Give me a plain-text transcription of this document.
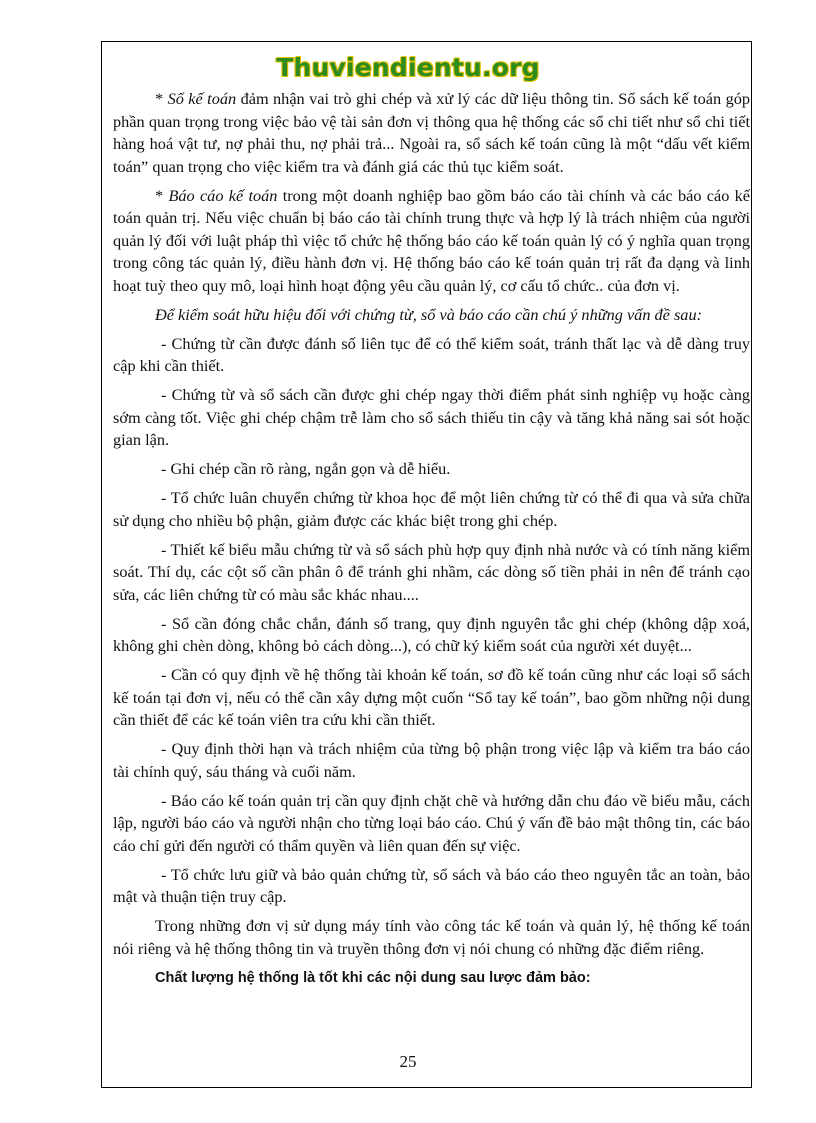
Thuviendientu.org

* Sổ kế toán đảm nhận vai trò ghi chép và xử lý các dữ liệu thông tin. Sổ sách kế toán góp phần quan trọng trong việc bảo vệ tài sản đơn vị thông qua hệ thống các sổ chi tiết như sổ chi tiết hàng hoá vật tư, nợ phải thu, nợ phải trả... Ngoài ra, sổ sách kế toán cũng là một “dấu vết kiểm toán” quan trọng cho việc kiểm tra và đánh giá các thủ tục kiểm soát.

* Báo cáo kế toán trong một doanh nghiệp bao gồm báo cáo tài chính và các báo cáo kế toán quản trị. Nếu việc chuẩn bị báo cáo tài chính trung thực và hợp lý là trách nhiệm của người quản lý đối với luật pháp thì việc tổ chức hệ thống báo cáo kế toán quản lý có ý nghĩa quan trọng trong công tác quản lý, điều hành đơn vị. Hệ thống báo cáo kế toán quản trị rất đa dạng và linh hoạt tuỳ theo quy mô, loại hình hoạt động yêu cầu quản lý, cơ cấu tổ chức.. của đơn vị.

Để kiểm soát hữu hiệu đối với chứng từ, sổ và báo cáo cần chú ý những vấn đề sau:

- Chứng từ cần được đánh số liên tục để có thể kiểm soát, tránh thất lạc và dễ dàng truy cập khi cần thiết.

- Chứng từ và sổ sách cần được ghi chép ngay thời điểm phát sinh nghiệp vụ hoặc càng sớm càng tốt. Việc ghi chép chậm trễ làm cho sổ sách thiếu tin cậy và tăng khả năng sai sót hoặc gian lận.

- Ghi chép cần rõ ràng, ngắn gọn và dễ hiểu.

- Tổ chức luân chuyển chứng từ khoa học để một liên chứng từ có thể đi qua và sửa chữa sử dụng cho nhiều bộ phận, giảm được các khác biệt trong ghi chép.

- Thiết kế biểu mẫu chứng từ và sổ sách phù hợp quy định nhà nước và có tính năng kiểm soát. Thí dụ, các cột số cần phân ô để tránh ghi nhầm, các dòng số tiền phải in nên để tránh cạo sửa, các liên chứng từ có màu sắc khác nhau....

- Sổ cần đóng chắc chắn, đánh số trang, quy định nguyên tắc ghi chép (không dập xoá, không ghi chèn dòng, không bỏ cách dòng...), có chữ ký kiểm soát của người xét duyệt...

- Cần có quy định về hệ thống tài khoản kế toán, sơ đồ kế toán cũng như các loại sổ sách kế toán tại đơn vị, nếu có thể cần xây dựng một cuốn “Sổ tay kế toán”, bao gồm những nội dung cần thiết để các kế toán viên tra cứu khi cần thiết.

- Quy định thời hạn và trách nhiệm của từng bộ phận trong việc lập và kiểm tra báo cáo tài chính quý, sáu tháng và cuối năm.

- Báo cáo kế toán quản trị cần quy định chặt chẽ và hướng dẫn chu đáo về biểu mẫu, cách lập, người báo cáo và người nhận cho từng loại báo cáo. Chú ý vấn đề bảo mật thông tin, các báo cáo chỉ gửi đến người có thẩm quyền và liên quan đến sự việc.

- Tổ chức lưu giữ và bảo quản chứng từ, sổ sách và báo cáo theo nguyên tắc an toàn, bảo mật và thuận tiện truy cập.

Trong những đơn vị sử dụng máy tính vào công tác kế toán và quản lý, hệ thống kế toán nói riêng và hệ thống thông tin và truyền thông đơn vị nói chung có những đặc điểm riêng.

Chất lượng hệ thống là tốt khi các nội dung sau lược đảm bảo:

25
